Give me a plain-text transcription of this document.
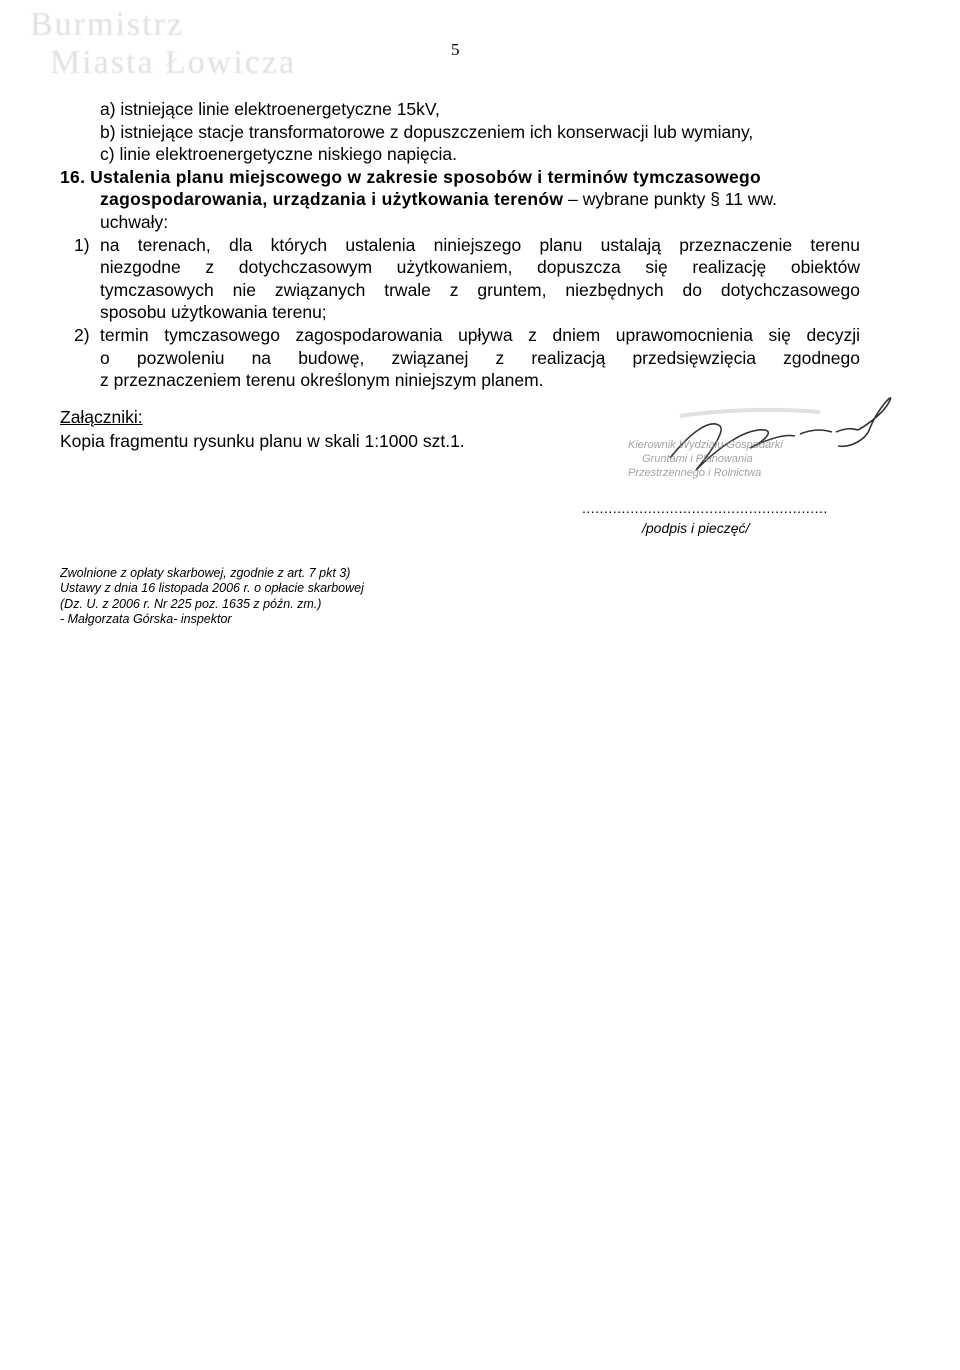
Burmistrz
Miasta Łowicza	5
a) istniejące linie elektroenergetyczne 15kV,
b) istniejące stacje transformatorowe z dopuszczeniem ich konserwacji lub wymiany,
c) linie elektroenergetyczne niskiego napięcia.
16. Ustalenia planu miejscowego w zakresie sposobów i terminów tymczasowego
zagospodarowania, urządzania i użytkowania terenów – wybrane punkty § 11 ww.
uchwały:
1) na terenach, dla których ustalenia niniejszego planu ustalają przeznaczenie terenu
niezgodne z dotychczasowym użytkowaniem, dopuszcza się realizację obiektów
tymczasowych nie związanych trwale z gruntem, niezbędnych do dotychczasowego
sposobu użytkowania terenu;
2) termin tymczasowego zagospodarowania upływa z dniem uprawomocnienia się decyzji
o pozwoleniu na budowę, związanej z realizacją przedsięwzięcia zgodnego
z przeznaczeniem terenu określonym niniejszym planem.
Załączniki:
Kopia fragmentu rysunku planu w skali 1:1000 szt.1.	Kierownik Wydziału Gospodarki
Gruntami i Planowania
Przestrzennego i Rolnictwa
........................................................
/podpis i pieczęć/
Zwolnione z opłaty skarbowej, zgodnie z art. 7 pkt 3)
Ustawy z dnia 16 listopada 2006 r. o opłacie skarbowej
(Dz. U. z 2006 r. Nr 225 poz. 1635 z późn. zm.)
- Małgorzata Górska- inspektor
